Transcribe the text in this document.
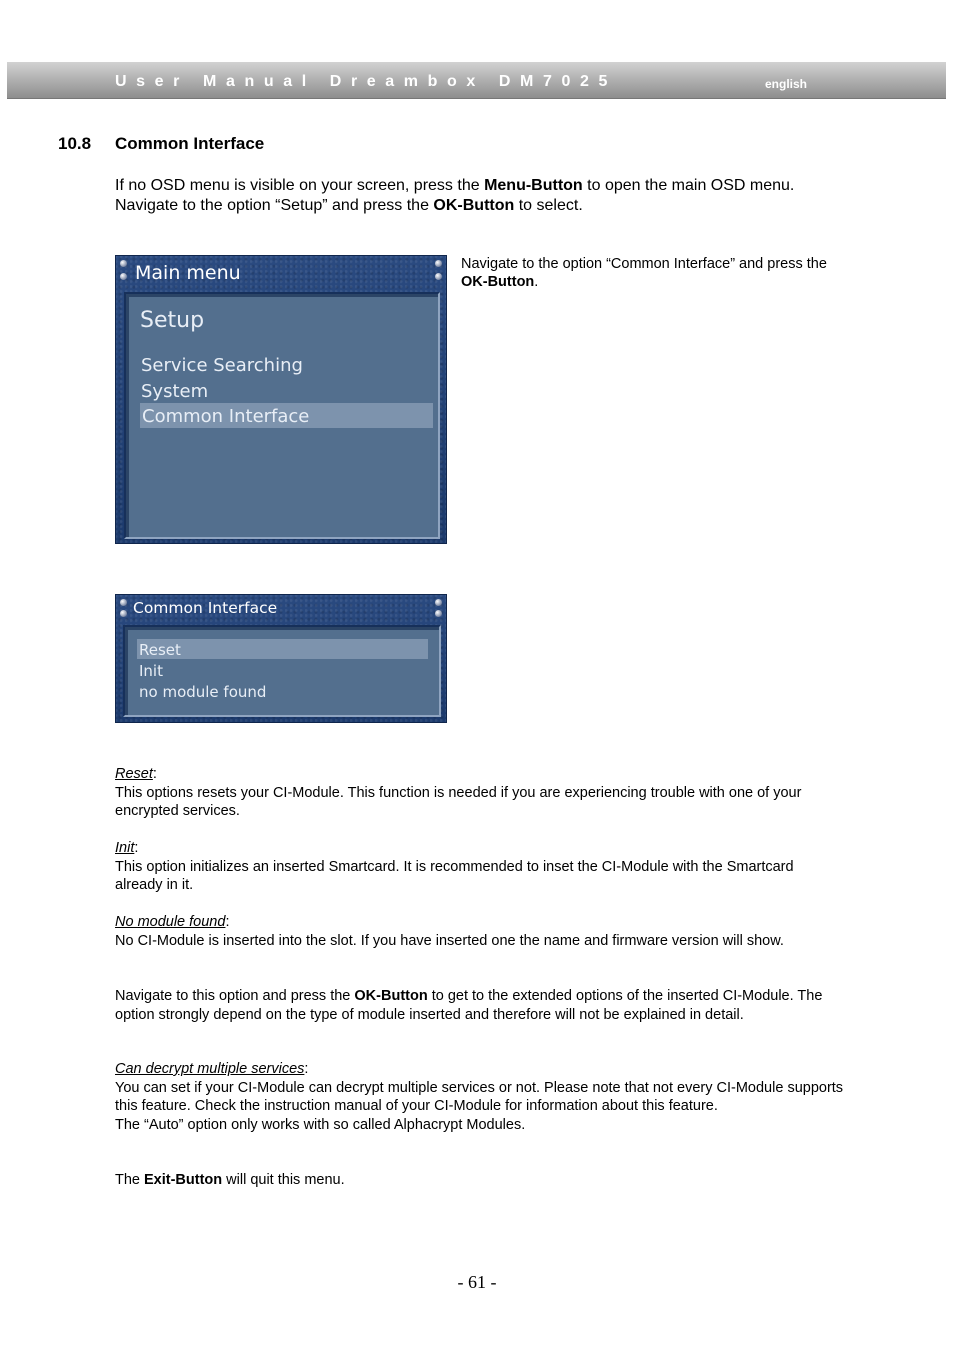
User Manual Dreambox DM7025	english
10.8 Common Interface
If no OSD menu is visible on your screen, press the Menu-Button to open the main OSD menu. Navigate to the option “Setup” and press the OK-Button to select.
Main menu
Setup
Service Searching
System
Common Interface
Navigate to the option “Common Interface” and press the OK-Button.
Common Interface
Reset
Init
no module found
Reset:
This options resets your CI-Module. This function is needed if you are experiencing trouble with one of your encrypted services.
Init:
This option initializes an inserted Smartcard. It is recommended to inset the CI-Module with the Smartcard already in it.
No module found:
No CI-Module is inserted into the slot. If you have inserted one the name and firmware version will show.
Navigate to this option and press the OK-Button to get to the extended options of the inserted CI-Module. The option strongly depend on the type of module inserted and therefore will not be explained in detail.
Can decrypt multiple services:
You can set if your CI-Module can decrypt multiple services or not. Please note that not every CI-Module supports this feature. Check the instruction manual of your CI-Module for information about this feature.
The “Auto” option only works with so called Alphacrypt Modules.
The Exit-Button will quit this menu.
- 61 -
